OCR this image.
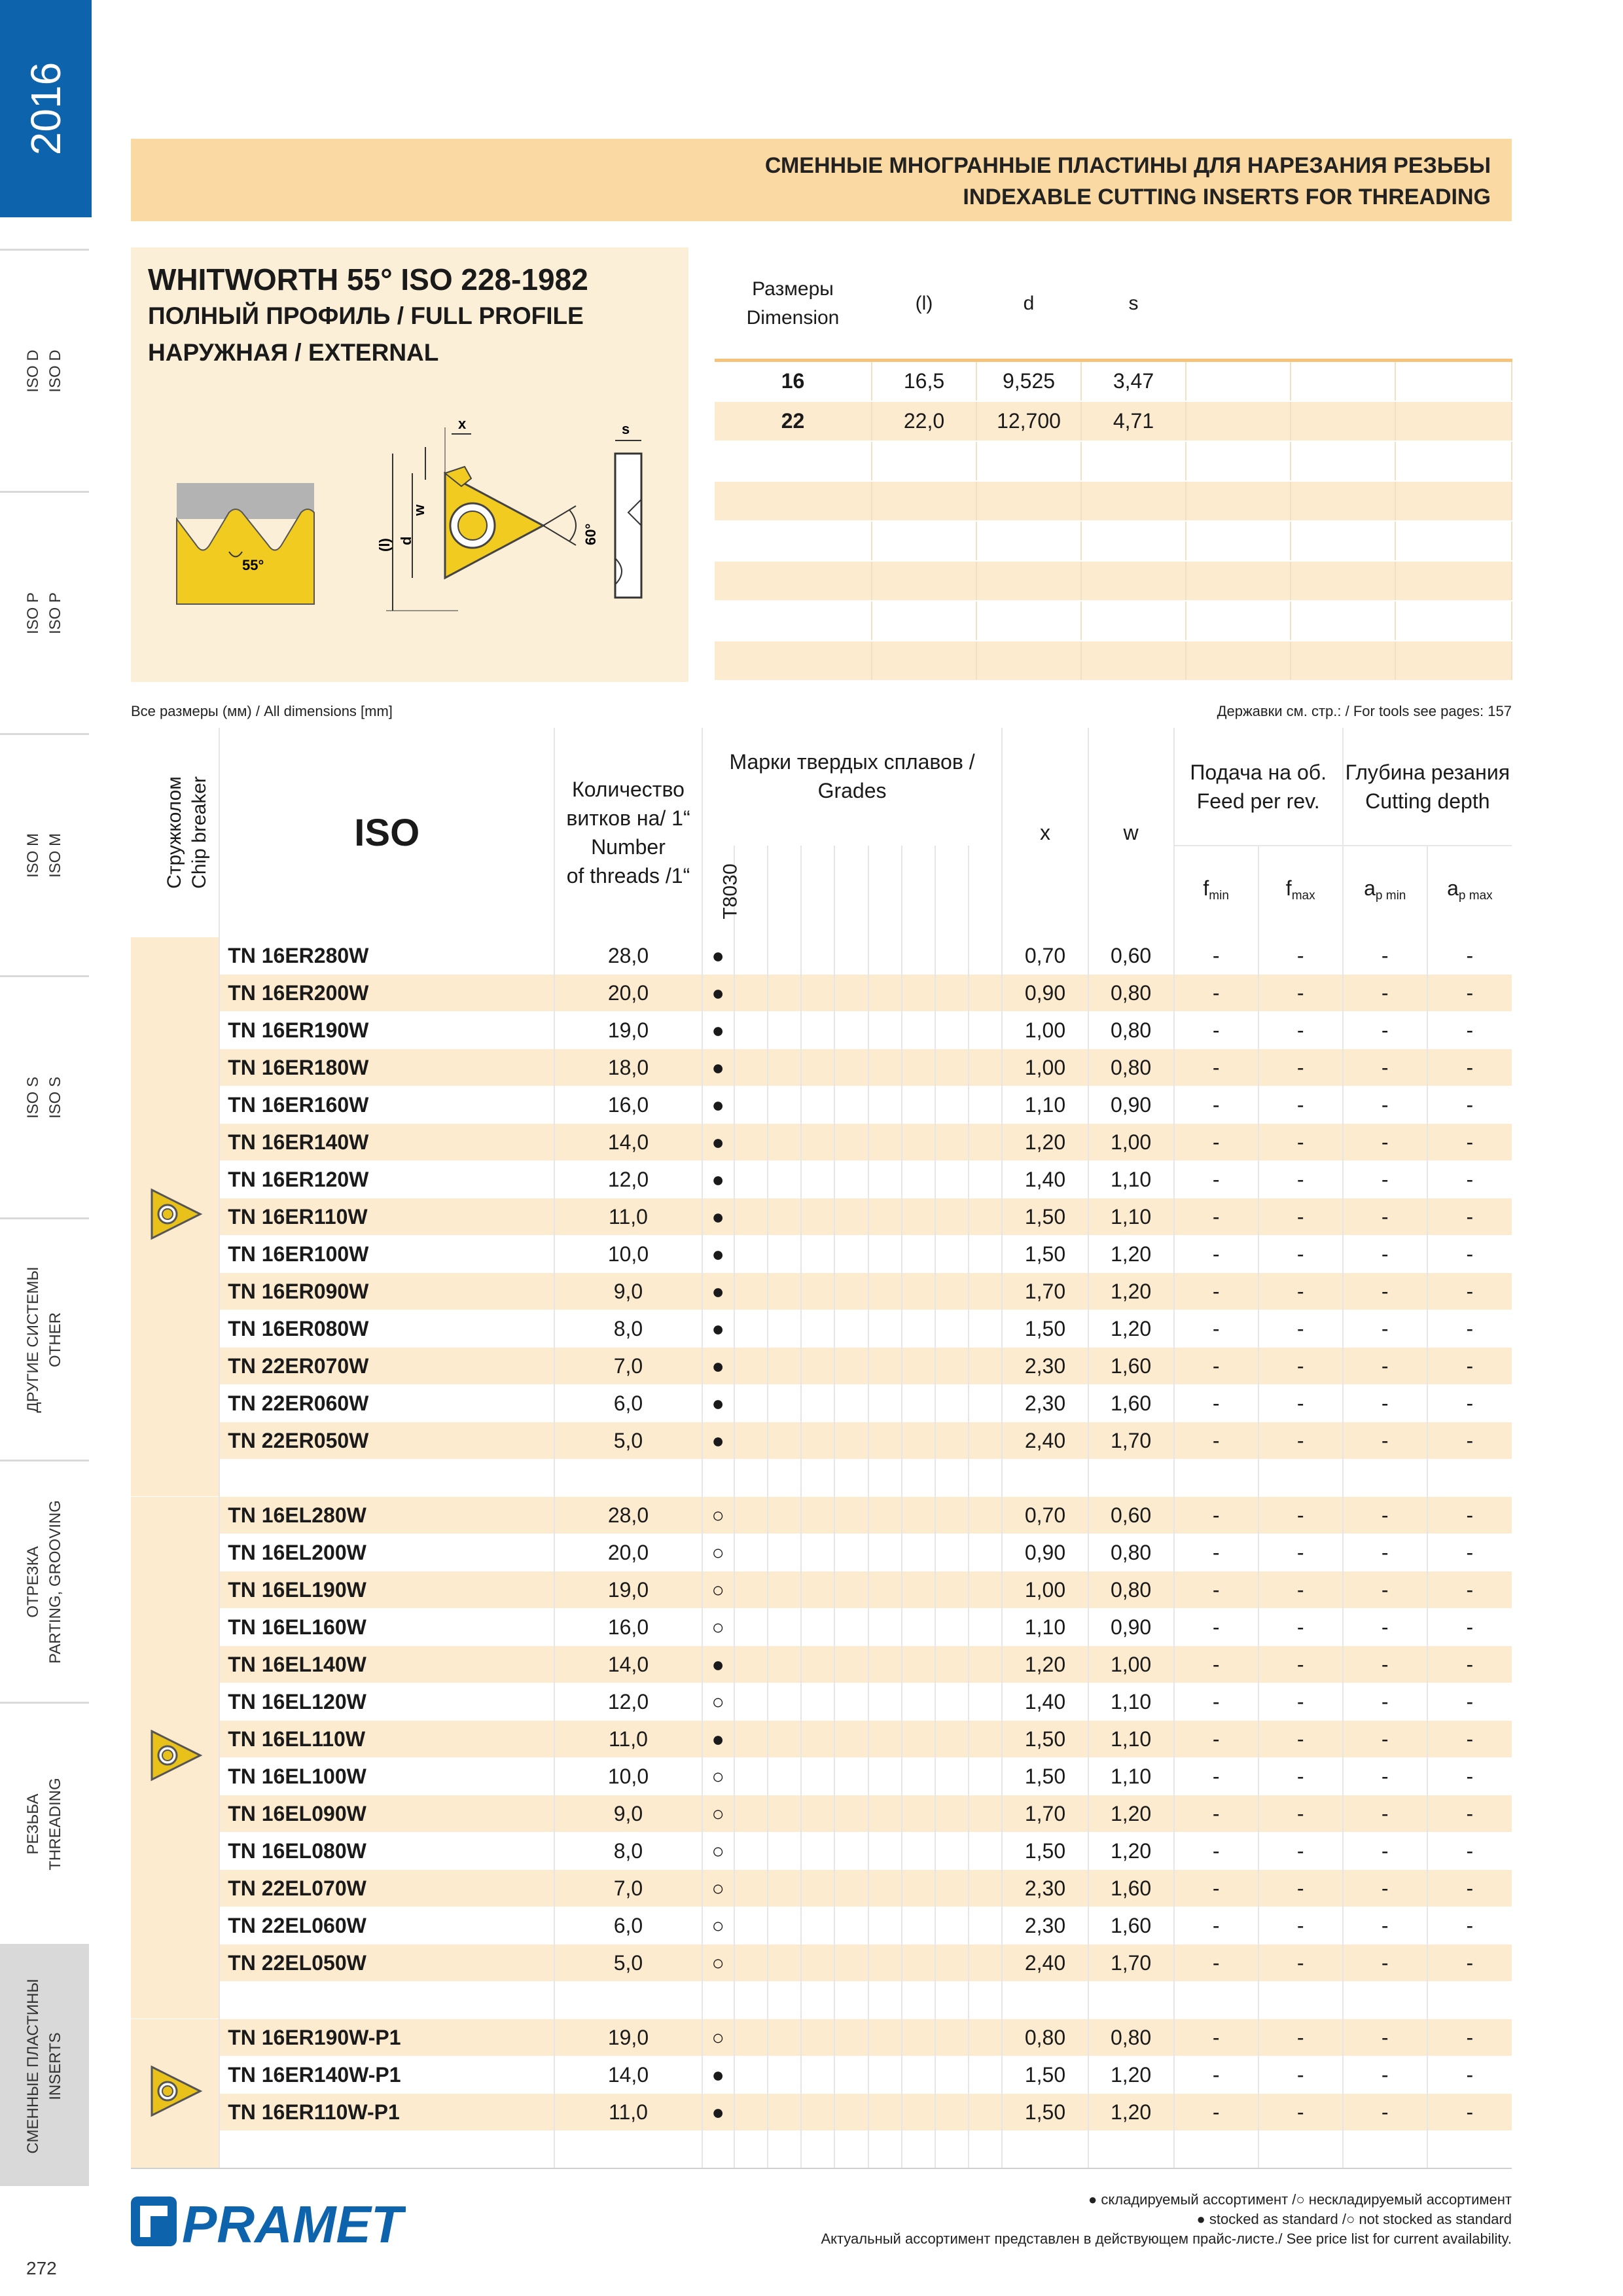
2016
ISO D ISO D
ISO P ISO P
ISO M ISO M
ISO S ISO S
ДРУГИЕ СИСТЕМЫ OTHER
ОТРЕЗКА PARTING, GROOVING
РЕЗЬБА THREADING
СМЕННЫЕ ПЛАСТИНЫ INSERTS
272
СМЕННЫЕ МНОГРАННЫЕ ПЛАСТИНЫ ДЛЯ НАРЕЗАНИЯ РЕЗЬБЫ
INDEXABLE CUTTING INSERTS FOR THREADING
WHITWORTH 55° ISO 228-1982
ПОЛНЫЙ ПРОФИЛЬ / FULL PROFILE
НАРУЖНАЯ / EXTERNAL
55°
x
w
d
(l)	60°
s
Размеры
Dimension	(l)	d	s			
16	16,5	9,525	3,47			
22	22,0	12,700	4,71			

Все размеры (мм) / All dimensions [mm]	Державки см. стр.: / For tools see pages: 157
Стружколом Chip breaker	ISO	Количество
витков на/ 1“
Number
of threads /1“	Марки твердых сплавов / Grades									x	w	Подача на об.
Feed per rev.		Глубина резания
Cutting depth	
			T8030											$f_{min}$	$f_{max}$	$a_{p min}$	$a_{p max}$
	TN 16ER280W	28,0	●									0,70	0,60	-	-	-	-
	TN 16ER200W	20,0	●									0,90	0,80	-	-	-	-
	TN 16ER190W	19,0	●									1,00	0,80	-	-	-	-
	TN 16ER180W	18,0	●									1,00	0,80	-	-	-	-
	TN 16ER160W	16,0	●									1,10	0,90	-	-	-	-
	TN 16ER140W	14,0	●									1,20	1,00	-	-	-	-
	TN 16ER120W	12,0	●									1,40	1,10	-	-	-	-
	TN 16ER110W	11,0	●									1,50	1,10	-	-	-	-
	TN 16ER100W	10,0	●									1,50	1,20	-	-	-	-
	TN 16ER090W	9,0	●									1,70	1,20	-	-	-	-
	TN 16ER080W	8,0	●									1,50	1,20	-	-	-	-
	TN 22ER070W	7,0	●									2,30	1,60	-	-	-	-
	TN 22ER060W	6,0	●									2,30	1,60	-	-	-	-
	TN 22ER050W	5,0	●									2,40	1,70	-	-	-	-

	TN 16EL280W	28,0	○									0,70	0,60	-	-	-	-
	TN 16EL200W	20,0	○									0,90	0,80	-	-	-	-
	TN 16EL190W	19,0	○									1,00	0,80	-	-	-	-
	TN 16EL160W	16,0	○									1,10	0,90	-	-	-	-
	TN 16EL140W	14,0	●									1,20	1,00	-	-	-	-
	TN 16EL120W	12,0	○									1,40	1,10	-	-	-	-
	TN 16EL110W	11,0	●									1,50	1,10	-	-	-	-
	TN 16EL100W	10,0	○									1,50	1,10	-	-	-	-
	TN 16EL090W	9,0	○									1,70	1,20	-	-	-	-
	TN 16EL080W	8,0	○									1,50	1,20	-	-	-	-
	TN 22EL070W	7,0	○									2,30	1,60	-	-	-	-
	TN 22EL060W	6,0	○									2,30	1,60	-	-	-	-
	TN 22EL050W	5,0	○									2,40	1,70	-	-	-	-

	TN 16ER190W-P1	19,0	○									0,80	0,80	-	-	-	-
	TN 16ER140W-P1	14,0	●									1,50	1,20	-	-	-	-
	TN 16ER110W-P1	11,0	●									1,50	1,20	-	-	-	-

PRAMET	● складируемый ассортимент /○ нескладируемый ассортимент
● stocked as standard /○ not stocked as standard
Актуальный ассортимент представлен в действующем прайс-листе./ See price list for current availability.
